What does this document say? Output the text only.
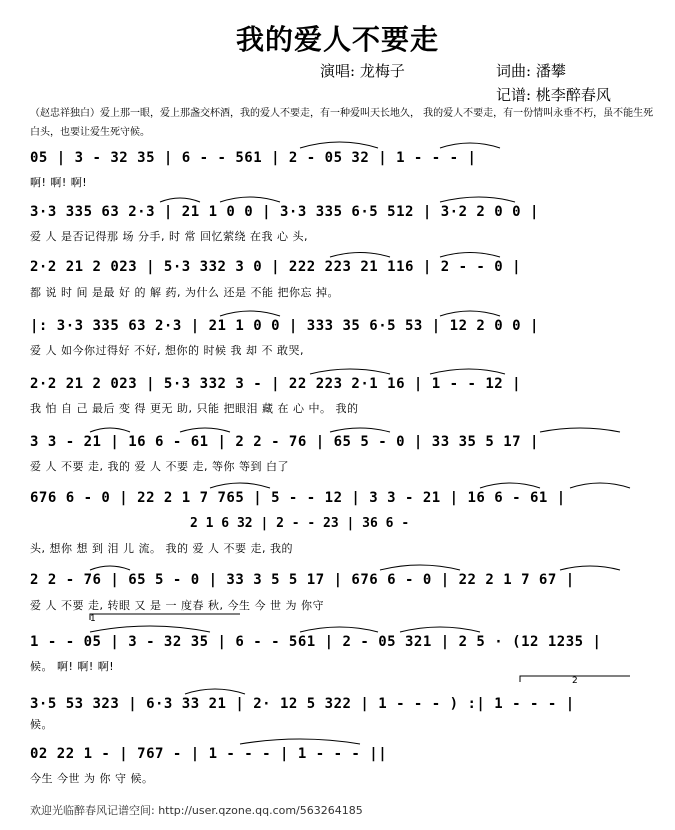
我的爱人不要走
演唱: 龙梅子	词曲: 潘攀
记谱: 桃李醉春风
（赵忠祥独白）爱上那一眼，爱上那盏交杯酒，我的爱人不要走，有一种爱叫天长地久， 我的爱人不要走，有一份情叫永垂不朽，虽不能生死白头，也要让爱生死守候。
05 | 3 - 32 35 | 6 - - 561 | 2 - 05 32 | 1 - - - |
啊! 啊! 啊!
3·3 335 63 2·3 | 21 1 0 0 | 3·3 335 6·5 512 | 3·2 2 0 0 |
爱 人 是否记得那 场 分手, 时 常 回忆萦绕 在我 心 头,
2·2 21 2 023 | 5·3 332 3 0 | 222 223 21 116 | 2 - - 0 |
都 说 时 间 是最 好 的 解 药, 为什么 还是 不能 把你忘 掉。
|: 3·3 335 63 2·3 | 21 1 0 0 | 333 35 6·5 53 | 12 2 0 0 |
爱 人 如今你过得好 不好, 想你的 时候 我 却 不 敢哭,
2·2 21 2 023 | 5·3 332 3 - | 22 223 2·1 16 | 1 - - 12 |
我 怕 自 己 最后 变 得 更无 助, 只能 把眼泪 藏 在 心 中。 我的
3 3 - 21 | 16 6 - 61 | 2 2 - 76 | 65 5 - 0 | 33 35 5 17 |
爱 人 不要 走, 我的 爱 人 不要 走, 等你 等到 白了
676 6 - 0 | 22 2 1 7 765 | 5 - - 12 | 3 3 - 21 | 16 6 - 61 |
2 1 6 32 | 2 - - 23 | 36 6 -
头, 想你 想 到 泪 儿 流。 我的 爱 人 不要 走, 我的
2 2 - 76 | 65 5 - 0 | 33 3 5 5 17 | 676 6 - 0 | 22 2 1 7 67 |
爱 人 不要 走, 转眼 又 是 一 度春 秋, 今生 今 世 为 你守
1
1 - - 05 | 3 - 32 35 | 6 - - 561 | 2 - 05 321 | 2 5 · (12 1235 |
候。 啊! 啊! 啊!
2
3·5 53 323 | 6·3 33 21 | 2· 12 5 322 | 1 - - - ) :| 1 - - - |
候。
02 22 1 - | 767 - | 1 - - - | 1 - - - ||
今生 今世 为 你 守 候。
欢迎光临醉春风记谱空间: http://user.qzone.qq.com/563264185
